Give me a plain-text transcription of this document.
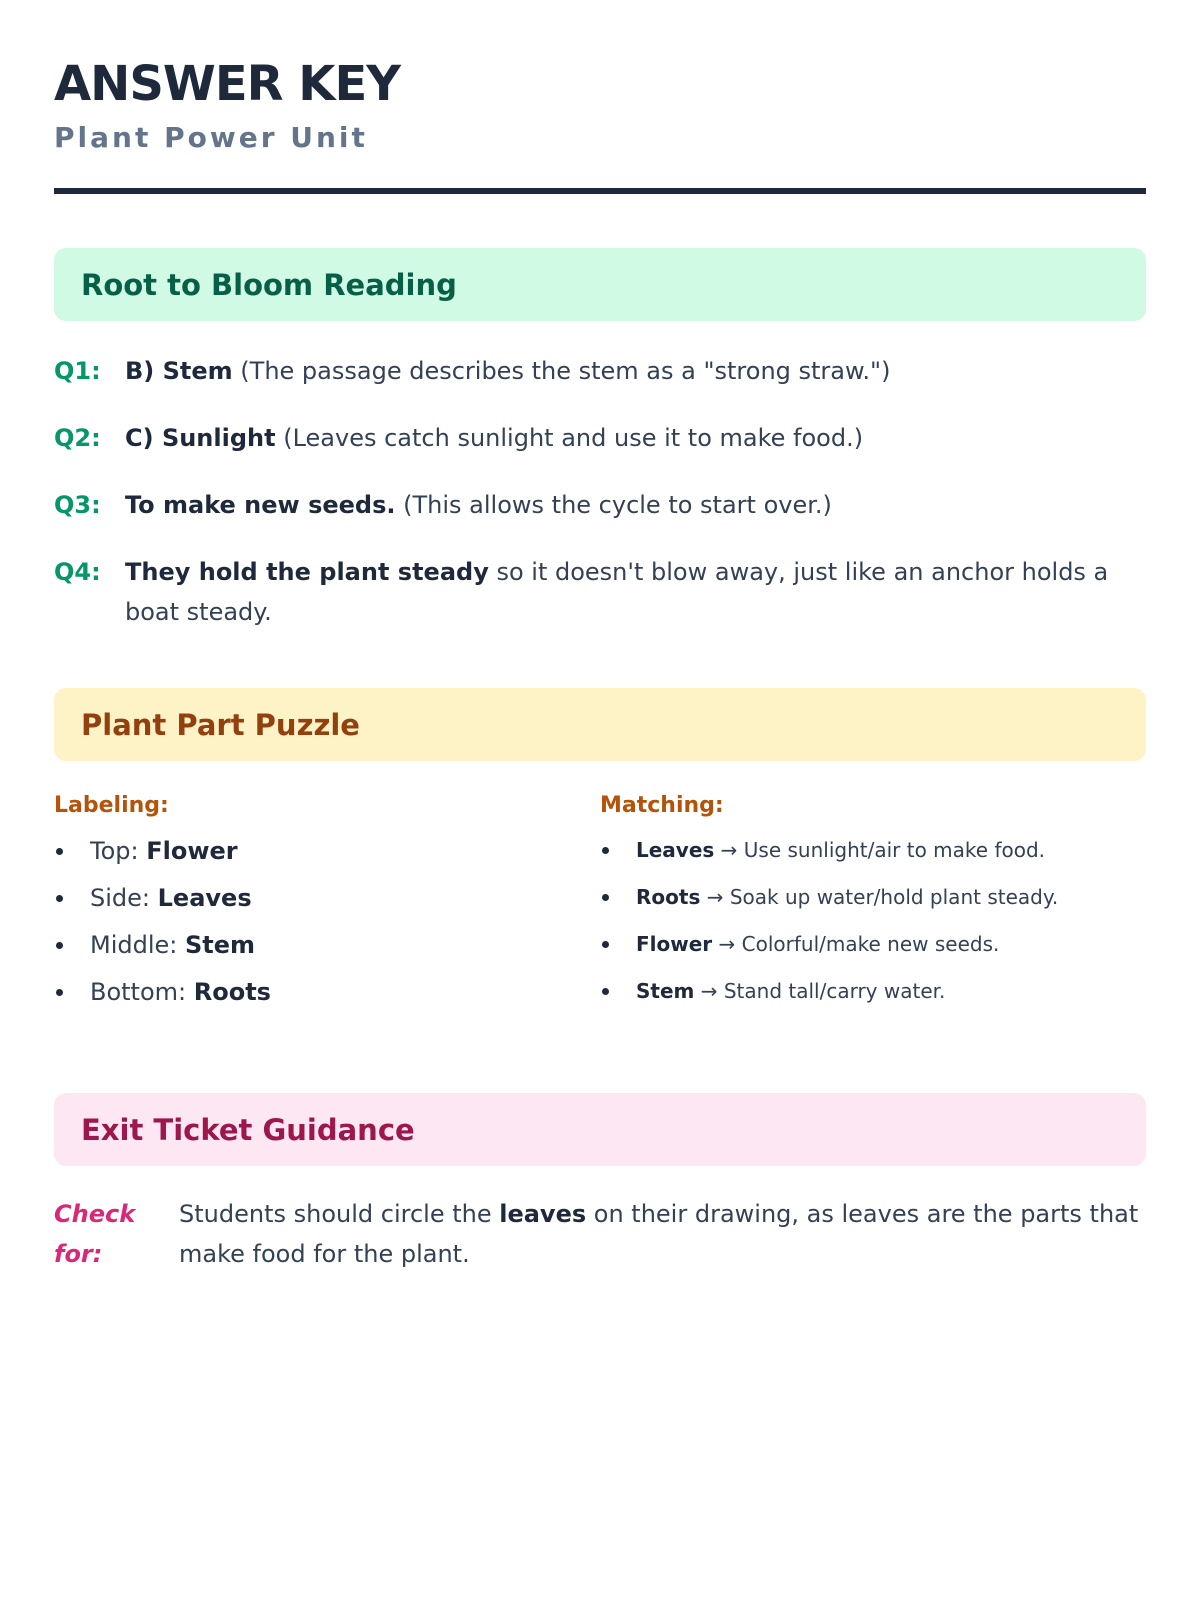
ANSWER KEY
Plant Power Unit
Root to Bloom Reading
Q1:	B) Stem (The passage describes the stem as a "strong straw.")
Q2:	C) Sunlight (Leaves catch sunlight and use it to make food.)
Q3:	To make new seeds. (This allows the cycle to start over.)
Q4:	They hold the plant steady so it doesn't blow away, just like an anchor holds a boat steady.
Plant Part Puzzle
Labeling:
Top: Flower
Side: Leaves
Middle: Stem
Bottom: Roots
Matching:
Leaves → Use sunlight/air to make food.
Roots → Soak up water/hold plant steady.
Flower → Colorful/make new seeds.
Stem → Stand tall/carry water.
Exit Ticket Guidance
Check for:
Students should circle the leaves on their drawing, as leaves are the parts that make food for the plant.
